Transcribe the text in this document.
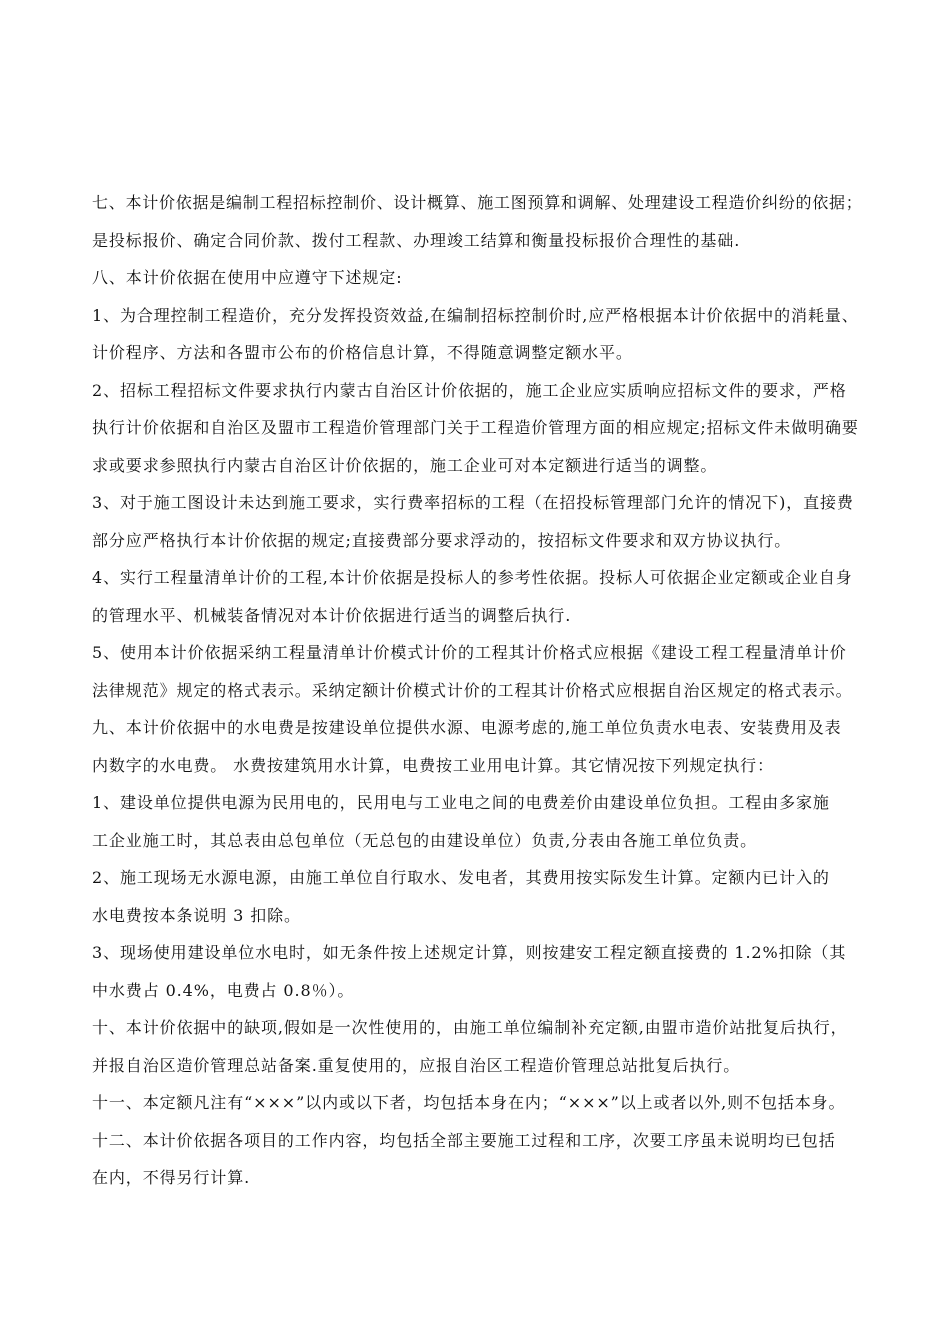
七、本计价依据是编制工程招标控制价、设计概算、施工图预算和调解、处理建设工程造价纠纷的依据；
是投标报价、确定合同价款、拨付工程款、办理竣工结算和衡量投标报价合理性的基础.
八、本计价依据在使用中应遵守下述规定:
1、为合理控制工程造价，充分发挥投资效益,在编制招标控制价时,应严格根据本计价依据中的消耗量、
计价程序、方法和各盟市公布的价格信息计算，不得随意调整定额水平。
2、招标工程招标文件要求执行内蒙古自治区计价依据的，施工企业应实质响应招标文件的要求，严格
执行计价依据和自治区及盟市工程造价管理部门关于工程造价管理方面的相应规定;招标文件未做明确要
求或要求参照执行内蒙古自治区计价依据的，施工企业可对本定额进行适当的调整。
3、对于施工图设计未达到施工要求，实行费率招标的工程（在招投标管理部门允许的情况下)，直接费
部分应严格执行本计价依据的规定;直接费部分要求浮动的，按招标文件要求和双方协议执行。
4、实行工程量清单计价的工程,本计价依据是投标人的参考性依据。投标人可依据企业定额或企业自身
的管理水平、机械装备情况对本计价依据进行适当的调整后执行.
5、使用本计价依据采纳工程量清单计价模式计价的工程其计价格式应根据《建设工程工程量清单计价
法律规范》规定的格式表示。采纳定额计价模式计价的工程其计价格式应根据自治区规定的格式表示。
九、本计价依据中的水电费是按建设单位提供水源、电源考虑的,施工单位负责水电表、安装费用及表
内数字的水电费。 水费按建筑用水计算，电费按工业用电计算。其它情况按下列规定执行：
1、建设单位提供电源为民用电的，民用电与工业电之间的电费差价由建设单位负担。工程由多家施
工企业施工时，其总表由总包单位（无总包的由建设单位）负责,分表由各施工单位负责。
2、施工现场无水源电源，由施工单位自行取水、发电者，其费用按实际发生计算。定额内已计入的
水电费按本条说明 3 扣除。
3、现场使用建设单位水电时，如无条件按上述规定计算，则按建安工程定额直接费的 1.2%扣除（其
中水费占 0.4%，电费占 0.8％）。
十、本计价依据中的缺项,假如是一次性使用的，由施工单位编制补充定额,由盟市造价站批复后执行，
并报自治区造价管理总站备案.重复使用的，应报自治区工程造价管理总站批复后执行。
十一、本定额凡注有“×××”以内或以下者，均包括本身在内；“×××”以上或者以外,则不包括本身。
十二、本计价依据各项目的工作内容，均包括全部主要施工过程和工序，次要工序虽未说明均已包括
在内，不得另行计算.
